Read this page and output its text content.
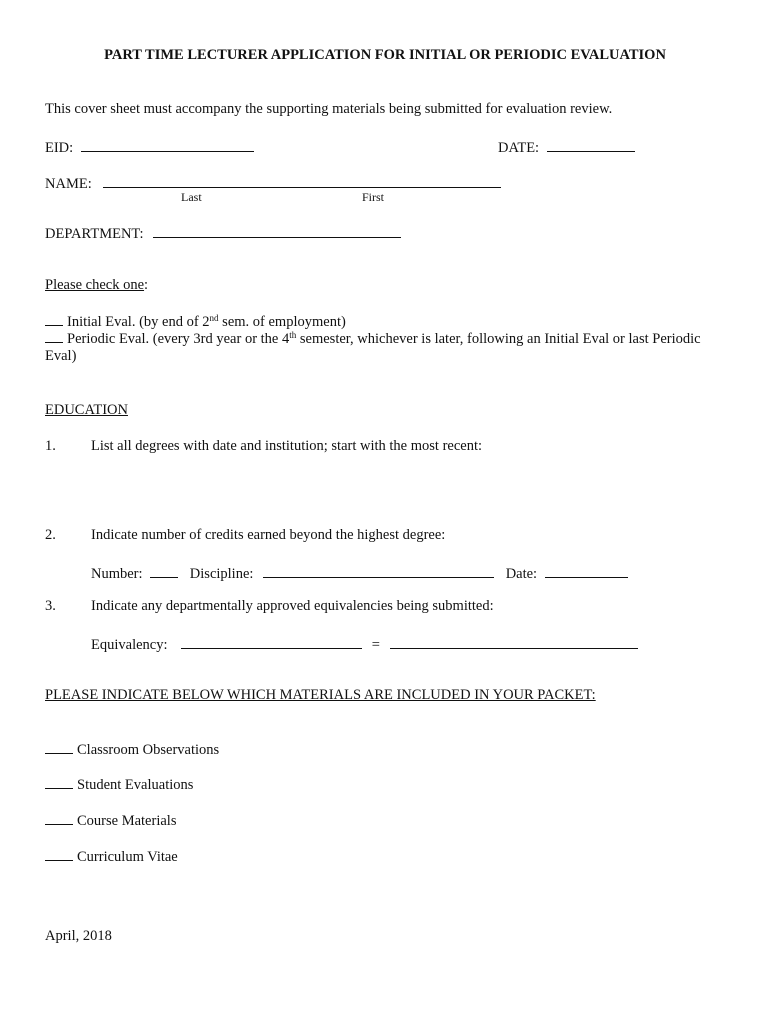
PART TIME LECTURER APPLICATION FOR INITIAL OR PERIODIC EVALUATION
This cover sheet must accompany the supporting materials being submitted for evaluation review.
EID:	DATE:
NAME:
Last	First
DEPARTMENT:
Please check one:
Initial Eval. (by end of 2nd sem. of employment)
Periodic Eval. (every 3rd year or the 4th semester, whichever is later, following an Initial Eval or last Periodic
Eval)
EDUCATION
1. List all degrees with date and institution; start with the most recent:
2. Indicate number of credits earned beyond the highest degree:
Number:	Discipline:	Date:
3. Indicate any departmentally approved equivalencies being submitted:
Equivalency:	=
PLEASE INDICATE BELOW WHICH MATERIALS ARE INCLUDED IN YOUR PACKET:
Classroom Observations
Student Evaluations
Course Materials
Curriculum Vitae
April, 2018
